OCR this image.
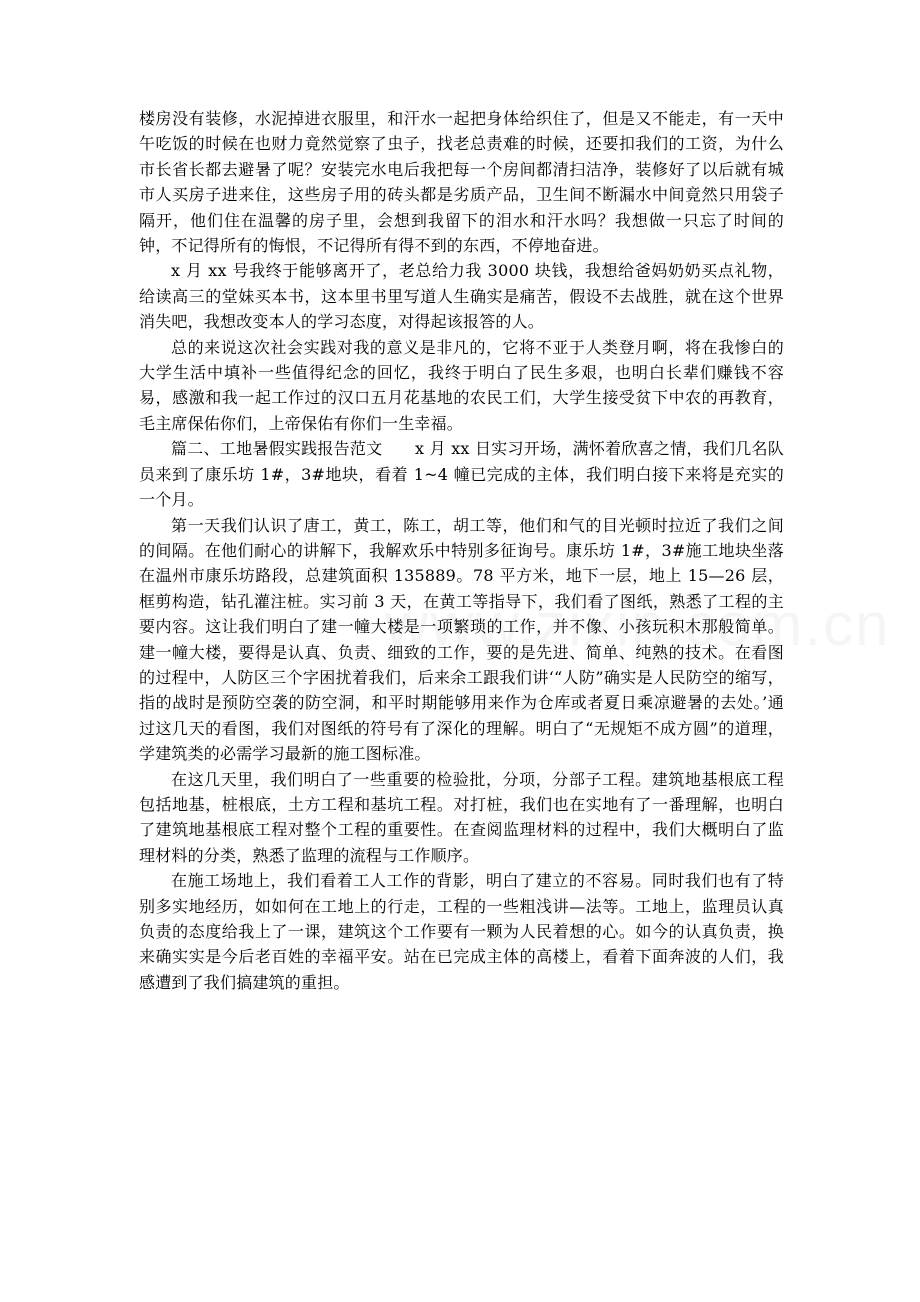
楼房没有装修，水泥掉进衣服里，和汗水一起把身体给织住了，但是又不能走，有一天中午吃饭的时候在也财力竟然觉察了虫子，找老总责难的时候，还要扣我们的工资，为什么市长省长都去避暑了呢？安装完水电后我把每一个房间都清扫洁净，装修好了以后就有城市人买房子进来住，这些房子用的砖头都是劣质产品，卫生间不断漏水中间竟然只用袋子隔开，他们住在温馨的房子里，会想到我留下的泪水和汗水吗？我想做一只忘了时间的钟，不记得所有的悔恨，不记得所有得不到的东西，不停地奋进。

x 月 xx 号我终于能够离开了，老总给力我 3000 块钱，我想给爸妈奶奶买点礼物，给读高三的堂妹买本书，这本里书里写道人生确实是痛苦，假设不去战胜，就在这个世界消失吧，我想改变本人的学习态度，对得起该报答的人。

总的来说这次社会实践对我的意义是非凡的，它将不亚于人类登月啊，将在我惨白的大学生活中填补一些值得纪念的回忆，我终于明白了民生多艰，也明白长辈们赚钱不容易，感激和我一起工作过的汉口五月花基地的农民工们，大学生接受贫下中农的再教育，毛主席保佑你们，上帝保佑有你们一生幸福。

篇二、工地暑假实践报告范文　　x 月 xx 日实习开场，满怀着欣喜之情，我们几名队员来到了康乐坊 1#，3#地块，看着 1~4 幢已完成的主体，我们明白接下来将是充实的一个月。

第一天我们认识了唐工，黄工，陈工，胡工等，他们和气的目光顿时拉近了我们之间的间隔。在他们耐心的讲解下，我解欢乐中特别多征询号。康乐坊 1#，3#施工地块坐落在温州市康乐坊路段，总建筑面积 135889。78 平方米，地下一层，地上 15—26 层，框剪构造，钻孔灌注桩。实习前 3 天，在黄工等指导下，我们看了图纸，熟悉了工程的主要内容。这让我们明白了建一幢大楼是一项繁琐的工作，并不像、小孩玩积木那般简单。建一幢大楼，要得是认真、负责、细致的工作，要的是先进、简单、纯熟的技术。在看图的过程中，人防区三个字困扰着我们，后来余工跟我们讲‘“人防”确实是人民防空的缩写，指的战时是预防空袭的防空洞，和平时期能够用来作为仓库或者夏日乘凉避暑的去处。’通过这几天的看图，我们对图纸的符号有了深化的理解。明白了“无规矩不成方圆”的道理，学建筑类的必需学习最新的施工图标准。

在这几天里，我们明白了一些重要的检验批，分项，分部子工程。建筑地基根底工程包括地基，桩根底，土方工程和基坑工程。对打桩，我们也在实地有了一番理解，也明白了建筑地基根底工程对整个工程的重要性。在查阅监理材料的过程中，我们大概明白了监理材料的分类，熟悉了监理的流程与工作顺序。

在施工场地上，我们看着工人工作的背影，明白了建立的不容易。同时我们也有了特别多实地经历，如如何在工地上的行走，工程的一些粗浅讲—法等。工地上，监理员认真负责的态度给我上了一课，建筑这个工作要有一颗为人民着想的心。如今的认真负责，换来确实实是今后老百姓的幸福平安。站在已完成主体的高楼上，看着下面奔波的人们，我感遭到了我们搞建筑的重担。
